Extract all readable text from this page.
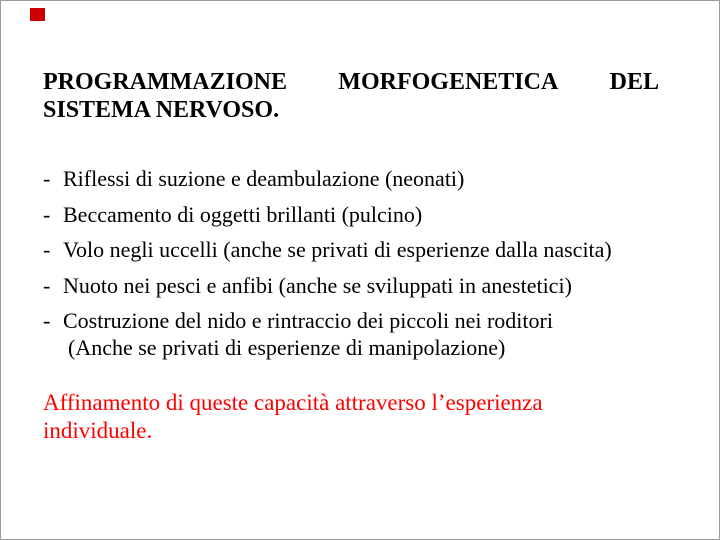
PROGRAMMAZIONE MORFOGENETICA DEL
SISTEMA NERVOSO.
- Riflessi di suzione e deambulazione (neonati)
- Beccamento di oggetti brillanti (pulcino)
- Volo negli uccelli (anche se privati di esperienze dalla nascita)
- Nuoto nei pesci e anfibi (anche se sviluppati in anestetici)
- Costruzione del nido e rintraccio dei piccoli nei roditori
(Anche se privati di esperienze di manipolazione)

Affinamento di queste capacità attraverso l’esperienza
individuale.
